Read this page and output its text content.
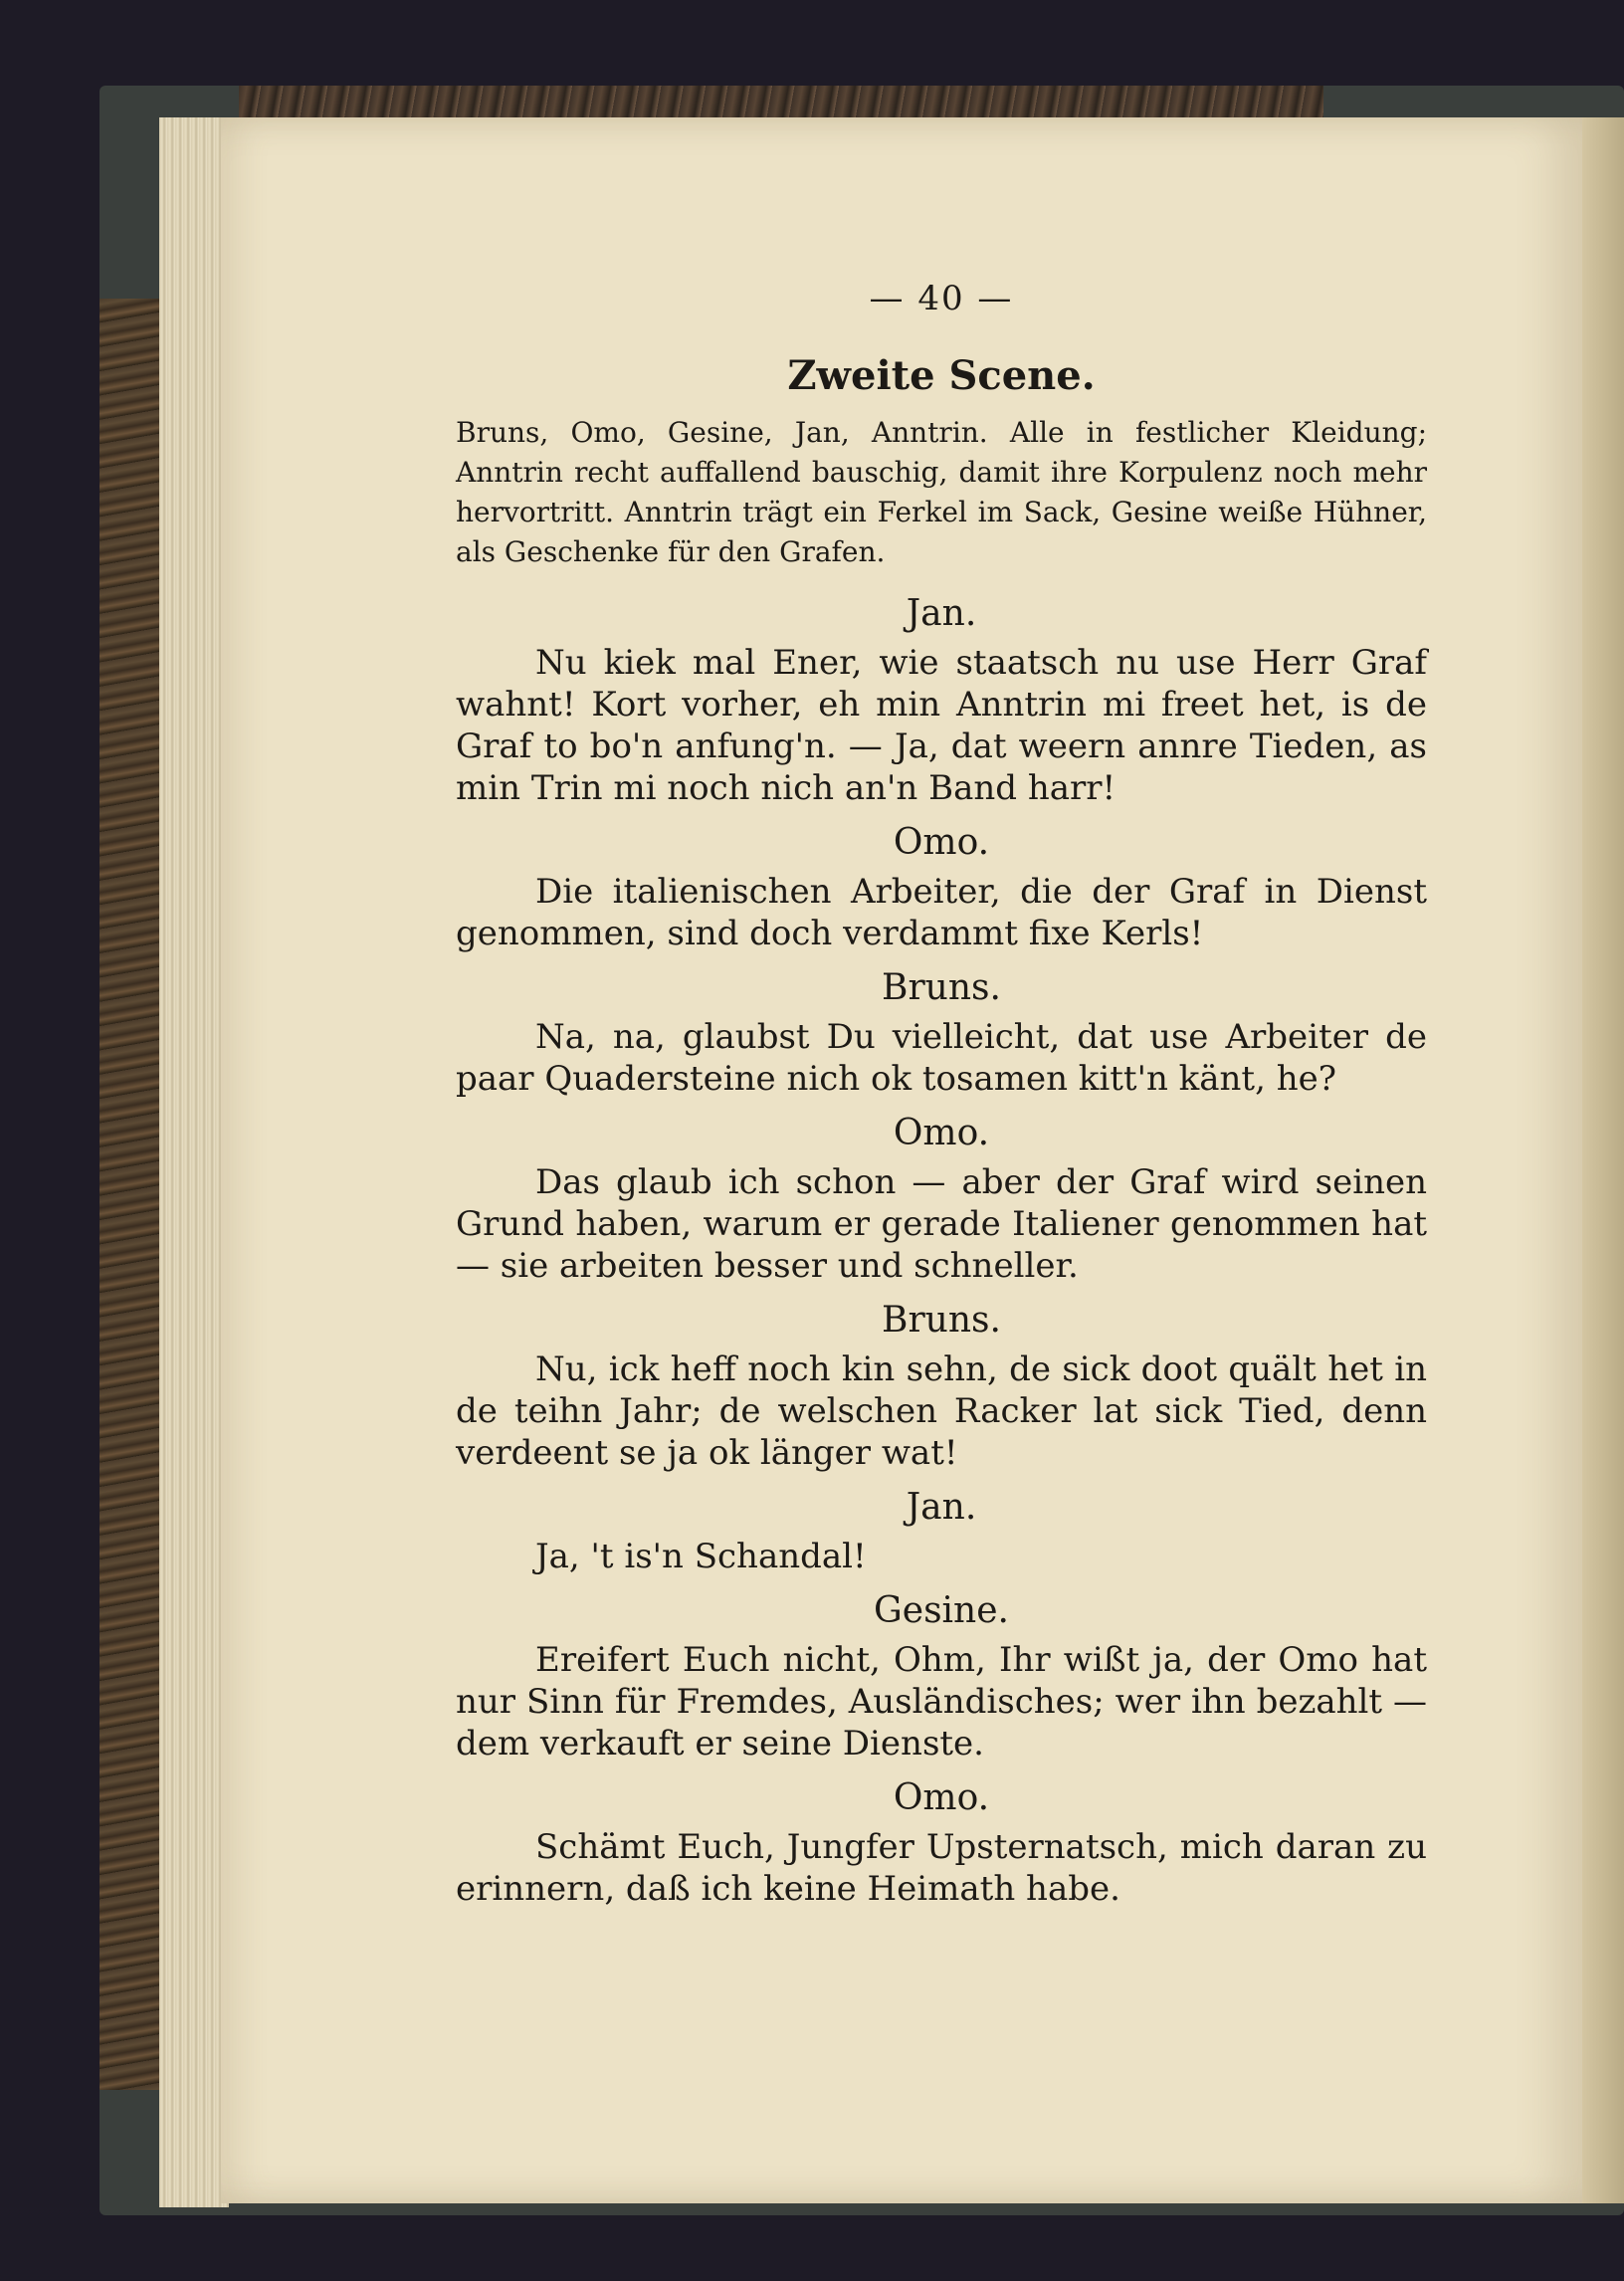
— 40 —
Zweite Scene.
Bruns, Omo, Gesine, Jan, Anntrin. Alle in festlicher Kleidung; Anntrin recht auffallend bauschig, damit ihre Korpulenz noch mehr hervortritt. Anntrin trägt ein Ferkel im Sack, Gesine weiße Hühner, als Geschenke für den Grafen.
Jan.

Nu kiek mal Ener, wie staatsch nu use Herr Graf wahnt! Kort vorher, eh min Anntrin mi freet het, is de Graf to bo'n anfung'n. — Ja, dat weern annre Tieden, as min Trin mi noch nich an'n Band harr!

Omo.

Die italienischen Arbeiter, die der Graf in Dienst genommen, sind doch verdammt fixe Kerls!

Bruns.

Na, na, glaubst Du vielleicht, dat use Arbeiter de paar Quadersteine nich ok tosamen kitt'n känt, he?

Omo.

Das glaub ich schon — aber der Graf wird seinen Grund haben, warum er gerade Italiener genommen hat — sie arbeiten besser und schneller.

Bruns.

Nu, ick heff noch kin sehn, de sick doot quält het in de teihn Jahr; de welschen Racker lat sick Tied, denn verdeent se ja ok länger wat!

Jan.

Ja, 't is'n Schandal!

Gesine.

Ereifert Euch nicht, Ohm, Ihr wißt ja, der Omo hat nur Sinn für Fremdes, Ausländisches; wer ihn bezahlt — dem verkauft er seine Dienste.

Omo.

Schämt Euch, Jungfer Upsternatsch, mich daran zu erinnern, daß ich keine Heimath habe.
